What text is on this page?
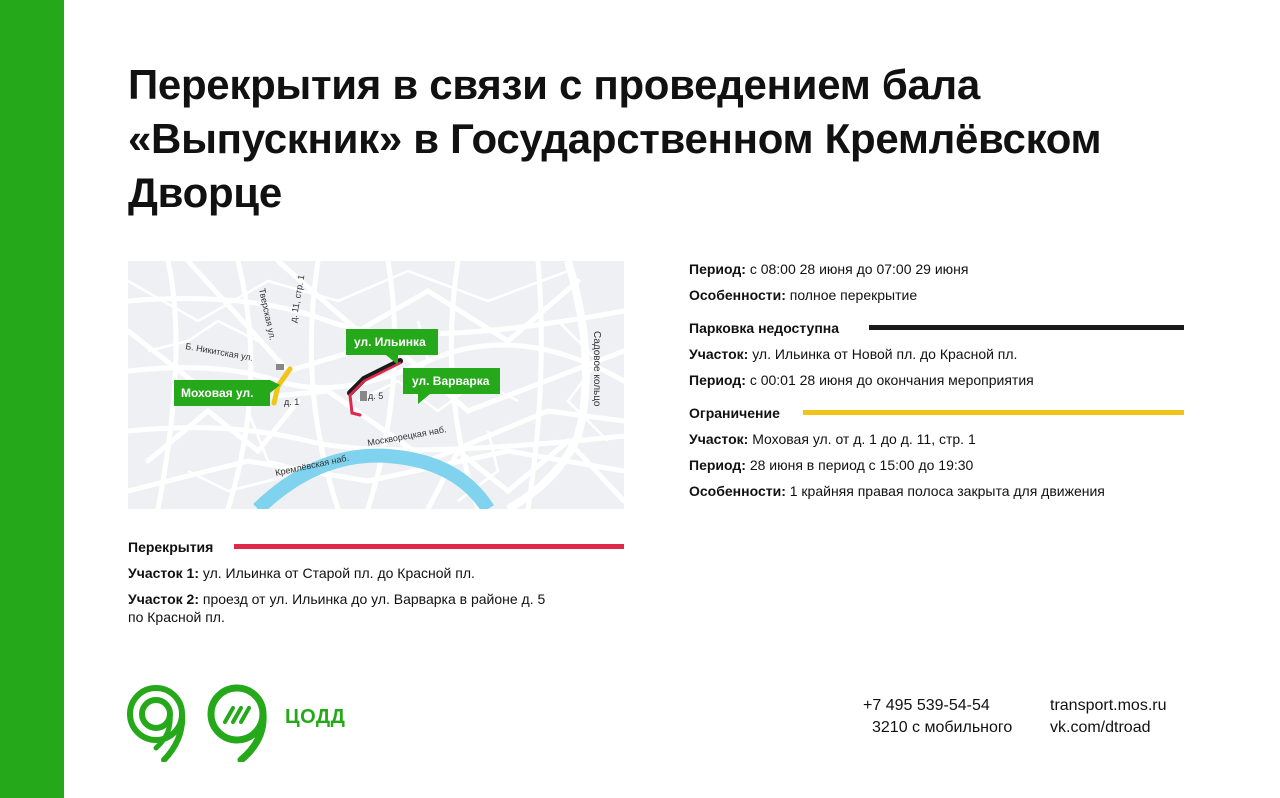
Перекрытия в связи с проведением бала «Выпускник» в Государственном Кремлёвском Дворце
Тверская ул.
Б. Никитская ул.
д. 11, стр. 1
д. 1
д. 5	Садовое кольцо
Кремлёвская наб.
Москворецкая наб.
ул. Ильинка
ул. Варварка
Моховая ул.
Перекрытия
Участок 1: ул. Ильинка от Старой пл. до Красной пл.
Участок 2: проезд от ул. Ильинка до ул. Варварка в районе д. 5
по Красной пл.
Период: с 08:00 28 июня до 07:00 29 июня
Особенности: полное перекрытие
Парковка недоступна
Участок: ул. Ильинка от Новой пл. до Красной пл.
Период: с 00:01 28 июня до окончания мероприятия
Ограничение
Участок: Моховая ул. от д. 1 до д. 11, стр. 1
Период: 28 июня в период с 15:00 до 19:30
Особенности: 1 крайняя правая полоса закрыта для движения
ЦОДД
+7 495 539-54-54
3210 с мобильного
transport.mos.ru
vk.com/dtroad
